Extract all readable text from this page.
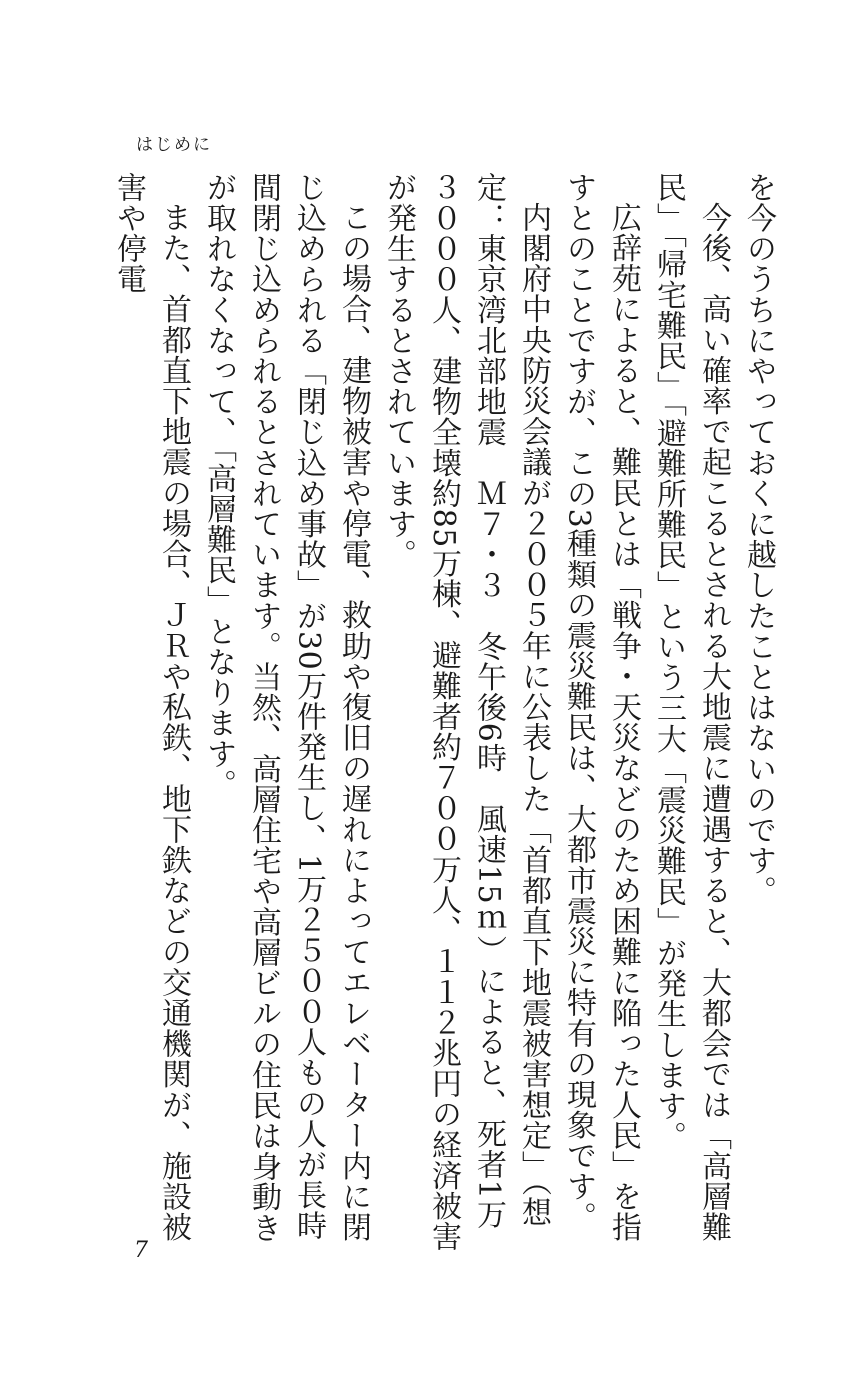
はじめに

を今のうちにやっておくに越したことはないのです。

今後、高い確率で起こるとされる大地震に遭遇すると、大都会では「高層難民」「帰宅難民」「避難所難民」という三大「震災難民」が発生します。

広辞苑によると、難民とは「戦争・天災などのため困難に陥った人民」を指すとのことですが、この3種類の震災難民は、大都市震災に特有の現象です。

内閣府中央防災会議が２００５年に公表した「首都直下地震被害想定」（想定：東京湾北部地震　Ｍ７・３　冬午後6時　風速15ｍ）によると、死者1万３０００人、建物全壊約85万棟、避難者約７００万人、１１２兆円の経済被害が発生するとされています。

この場合、建物被害や停電、救助や復旧の遅れによってエレベーター内に閉じ込められる「閉じ込め事故」が30万件発生し、1万２５００人もの人が長時間閉じ込められるとされています。当然、高層住宅や高層ビルの住民は身動きが取れなくなって、「高層難民」となります。

また、首都直下地震の場合、ＪＲや私鉄、地下鉄などの交通機関が、施設被害や停電

7
